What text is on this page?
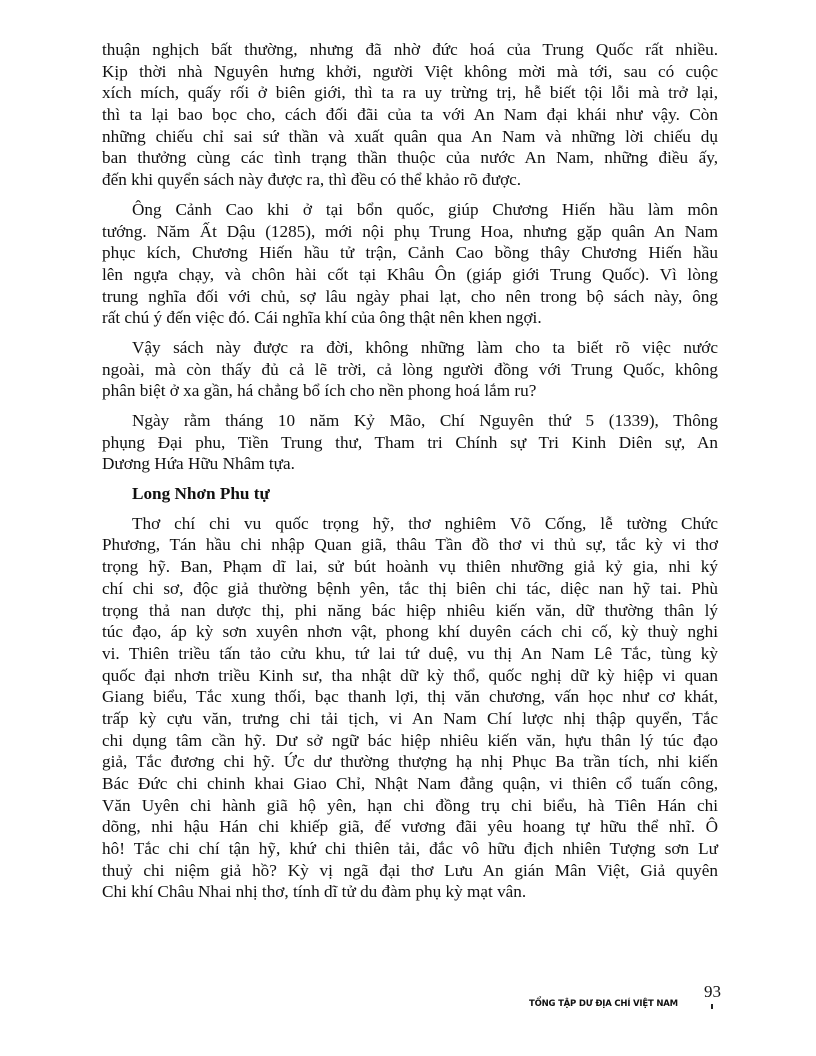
thuận nghịch bất thường, nhưng đã nhờ đức hoá của Trung Quốc rất nhiều.
Kịp thời nhà Nguyên hưng khởi, người Việt không mời mà tới, sau có cuộc
xích mích, quấy rối ở biên giới, thì ta ra uy trừng trị, hễ biết tội lỗi mà trở lại,
thì ta lại bao bọc cho, cách đối đãi của ta với An Nam đại khái như vậy. Còn
những chiếu chỉ sai sứ thần và xuất quân qua An Nam và những lời chiếu dụ
ban thưởng cùng các tình trạng thần thuộc của nước An Nam, những điều ấy,
đến khi quyển sách này được ra, thì đều có thể khảo rõ được.
Ông Cảnh Cao khi ở tại bổn quốc, giúp Chương Hiến hầu làm môn
tướng. Năm Ất Dậu (1285), mới nội phụ Trung Hoa, nhưng gặp quân An Nam
phục kích, Chương Hiến hầu tử trận, Cảnh Cao bồng thây Chương Hiến hầu
lên ngựa chạy, và chôn hài cốt tại Khâu Ôn (giáp giới Trung Quốc). Vì lòng
trung nghĩa đối với chủ, sợ lâu ngày phai lạt, cho nên trong bộ sách này, ông
rất chú ý đến việc đó. Cái nghĩa khí của ông thật nên khen ngợi.
Vậy sách này được ra đời, không những làm cho ta biết rõ việc nước
ngoài, mà còn thấy đủ cả lẽ trời, cả lòng người đồng với Trung Quốc, không
phân biệt ở xa gần, há chẳng bổ ích cho nền phong hoá lắm ru?
Ngày rằm tháng 10 năm Kỷ Mão, Chí Nguyên thứ 5 (1339), Thông
phụng Đại phu, Tiền Trung thư, Tham tri Chính sự Tri Kinh Diên sự, An
Dương Hứa Hữu Nhâm tựa.
Long Nhơn Phu tự
Thơ chí chi vu quốc trọng hỹ, thơ nghiêm Võ Cống, lễ tường Chức
Phương, Tán hầu chi nhập Quan giã, thâu Tần đồ thơ vi thủ sự, tắc kỳ vi thơ
trọng hỹ. Ban, Phạm dĩ lai, sử bút hoành vụ thiên nhưỡng giả kỷ gia, nhi ký
chí chi sơ, độc giả thường bệnh yên, tắc thị biên chi tác, diệc nan hỹ tai. Phù
trọng thả nan dược thị, phi năng bác hiệp nhiêu kiến văn, dữ thường thân lý
túc đạo, áp kỳ sơn xuyên nhơn vật, phong khí duyên cách chi cố, kỳ thuỳ nghi
vi. Thiên triều tấn tảo cửu khu, tứ lai tứ duệ, vu thị An Nam Lê Tắc, tùng kỳ
quốc đại nhơn triều Kinh sư, tha nhật dữ kỳ thổ, quốc nghị dữ kỳ hiệp vi quan
Giang biểu, Tắc xung thối, bạc thanh lợi, thị văn chương, vấn học như cơ khát,
trấp kỳ cựu văn, trưng chi tải tịch, vi An Nam Chí lược nhị thập quyển, Tắc
chi dụng tâm cần hỹ. Dư sở ngữ bác hiệp nhiêu kiến văn, hựu thân lý túc đạo
giả, Tắc đương chi hỹ. Ức dư thường thượng hạ nhị Phục Ba trần tích, nhi kiến
Bác Đức chi chinh khai Giao Chỉ, Nhật Nam đẳng quận, vi thiên cổ tuấn công,
Văn Uyên chi hành giã hộ yên, hạn chi đồng trụ chi biểu, hà Tiên Hán chi
dõng, nhi hậu Hán chi khiếp giã, đế vương đãi yêu hoang tự hữu thể nhĩ. Ô
hô! Tắc chi chí tận hỹ, khứ chi thiên tải, đắc vô hữu địch nhiên Tượng sơn Lư
thuỷ chi niệm giả hồ? Kỳ vị ngã đại thơ Lưu An gián Mân Việt, Giả quyên
Chi khí Châu Nhai nhị thơ, tính dĩ tử du đàm phụ kỳ mạt vân.
TỔNG TẬP DƯ ĐỊA CHÍ VIỆT NAM
93
